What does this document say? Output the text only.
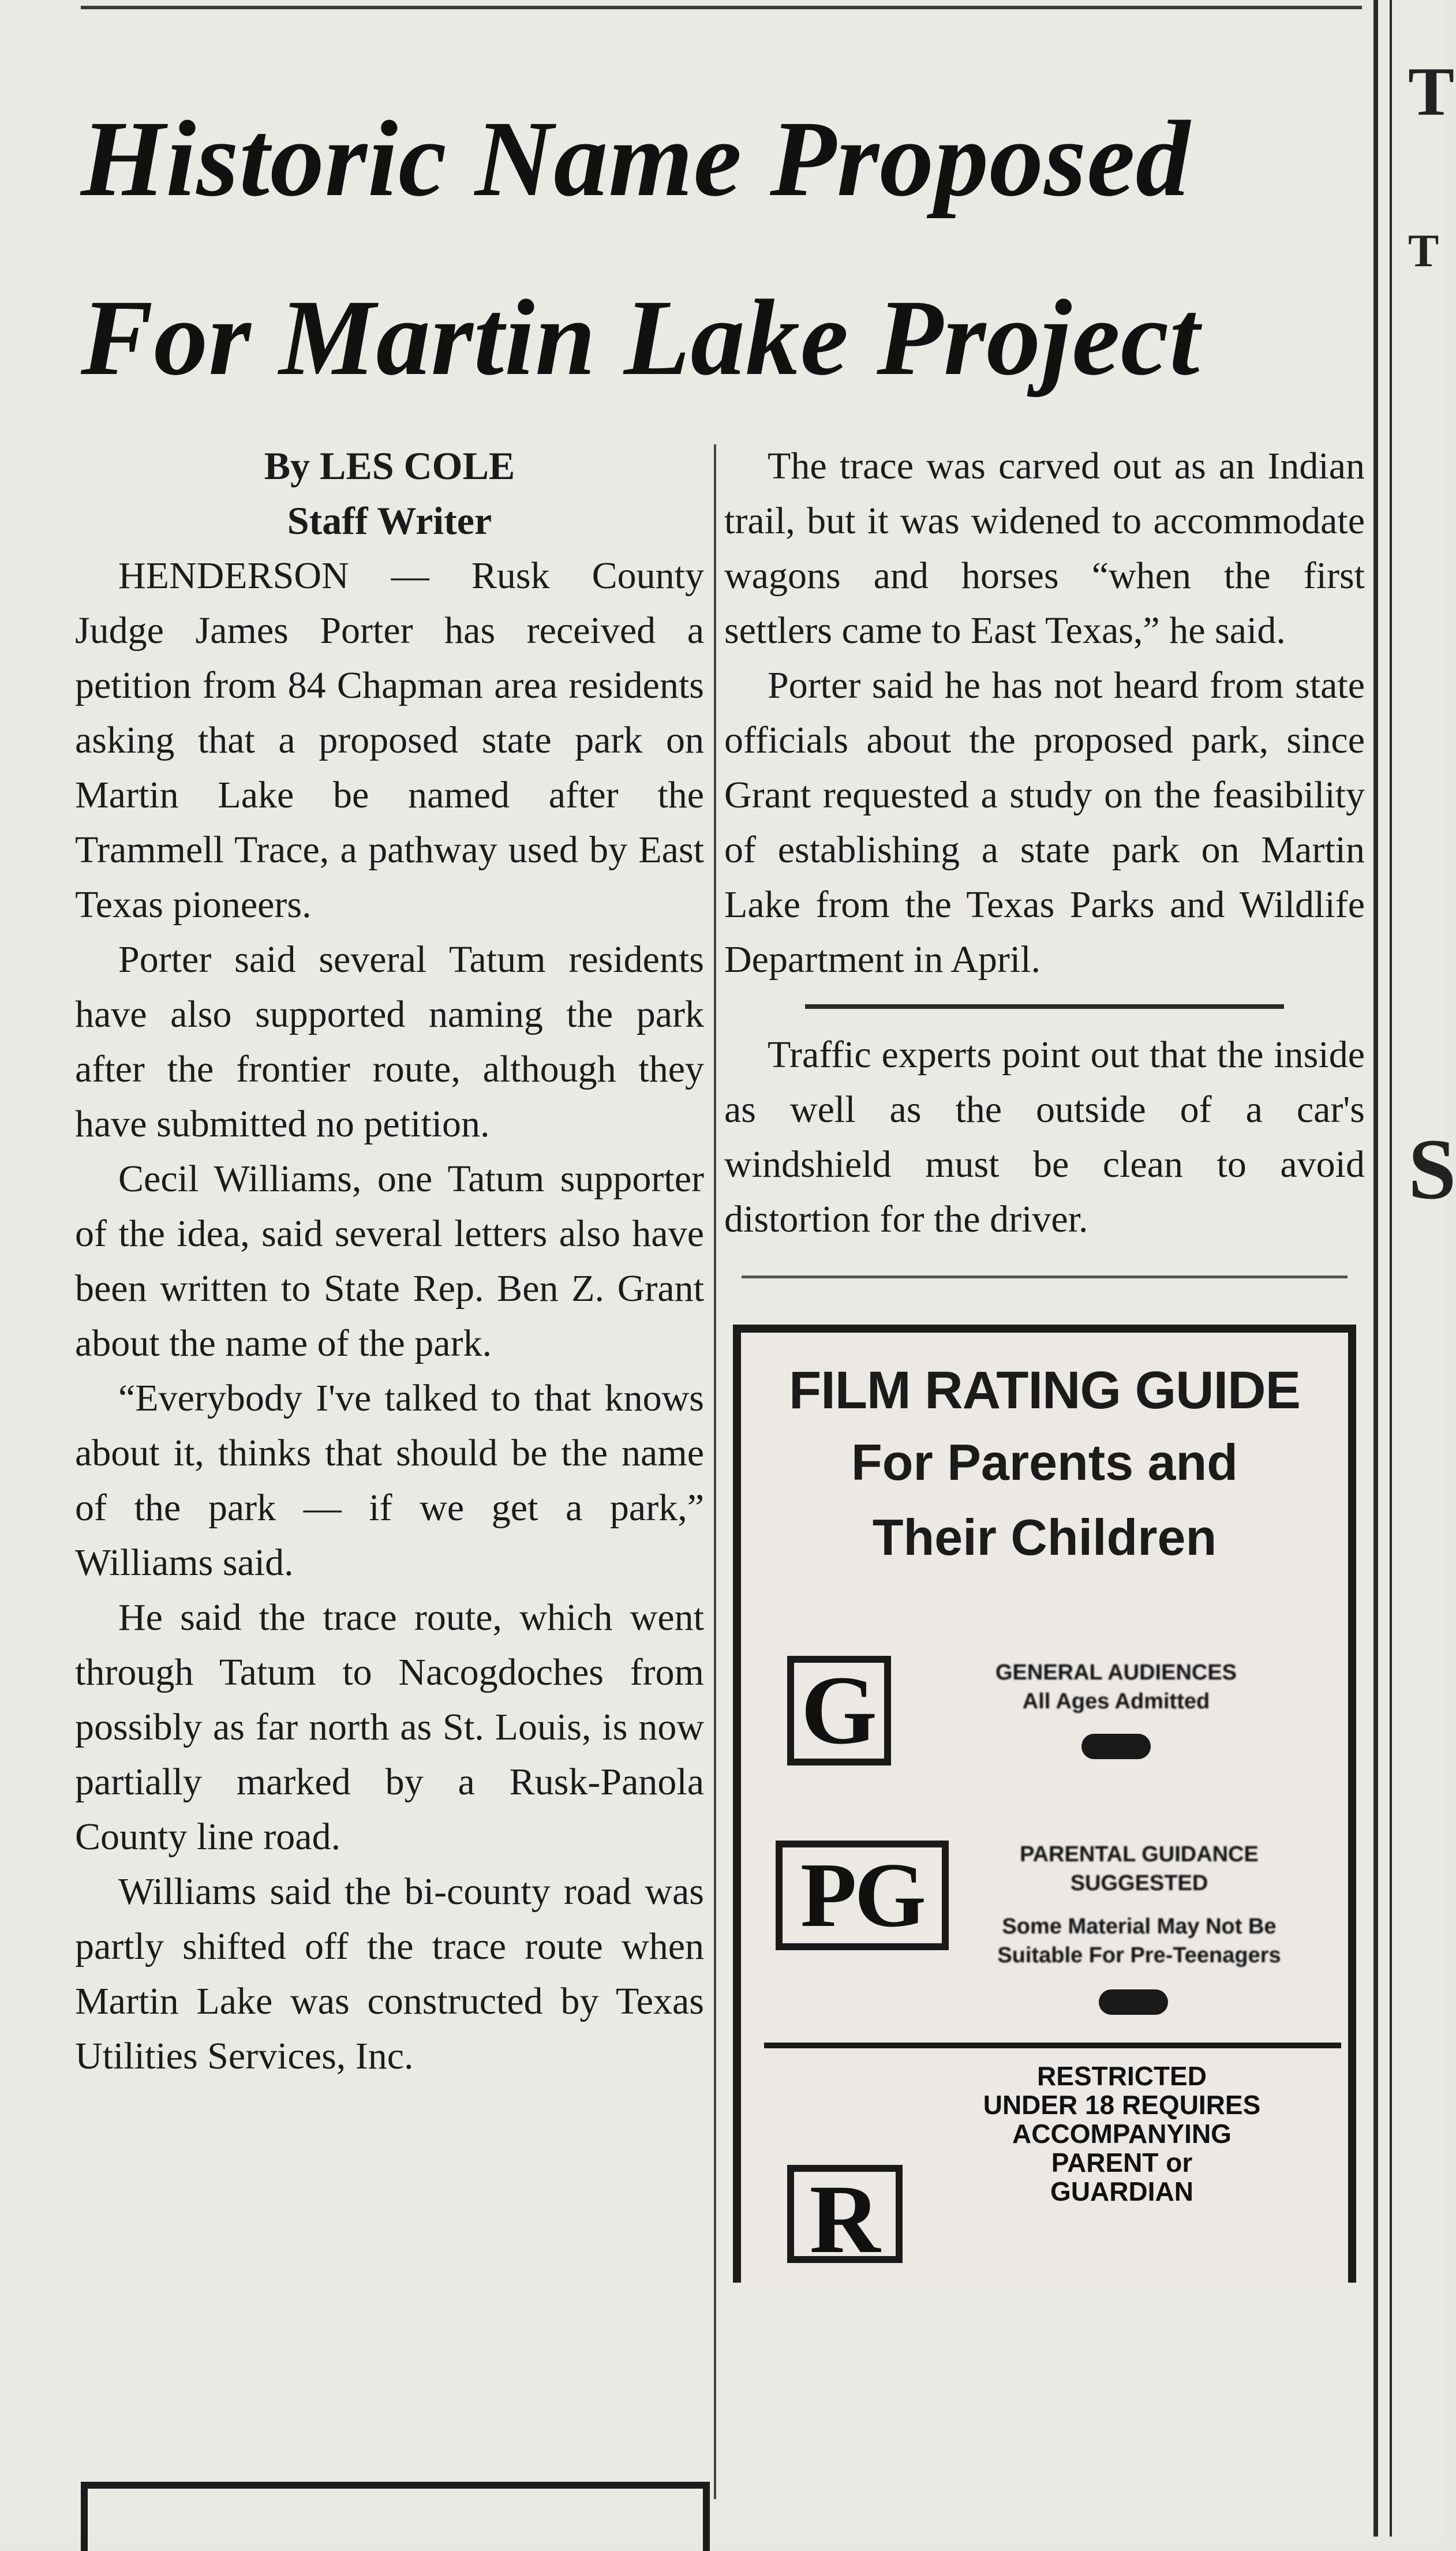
T
T
S
Historic Name Proposed
For Martin Lake Project
By LES COLE
Staff Writer

HENDERSON — Rusk County Judge James Porter has received a petition from 84 Chapman area residents asking that a proposed state park on Martin Lake be named after the Trammell Trace, a pathway used by East Texas pioneers.

Porter said several Tatum residents have also supported naming the park after the frontier route, although they have submitted no petition.

Cecil Williams, one Tatum supporter of the idea, said several letters also have been written to State Rep. Ben Z. Grant about the name of the park.

“Everybody I've talked to that knows about it, thinks that should be the name of the park — if we get a park,” Williams said.

He said the trace route, which went through Tatum to Nacogdoches from possibly as far north as St. Louis, is now partially marked by a Rusk-Panola County line road.

Williams said the bi-county road was partly shifted off the trace route when Martin Lake was constructed by Texas Utilities Services, Inc.

The trace was carved out as an Indian trail, but it was widened to accommodate wagons and horses “when the first settlers came to East Texas,” he said.

Porter said he has not heard from state officials about the proposed park, since Grant requested a study on the feasibility of establishing a state park on Martin Lake from the Texas Parks and Wildlife Department in April.

Traffic experts point out that the inside as well as the outside of a car's windshield must be clean to avoid distortion for the driver.

FILM RATING GUIDE
For Parents and
Their Children
G	GENERAL AUDIENCES
All Ages Admitted
PG	PARENTAL GUIDANCE
SUGGESTED
Some Material May Not Be
Suitable For Pre-Teenagers
RESTRICTED
UNDER 18 REQUIRES
ACCOMPANYING
PARENT or
GUARDIAN
R
